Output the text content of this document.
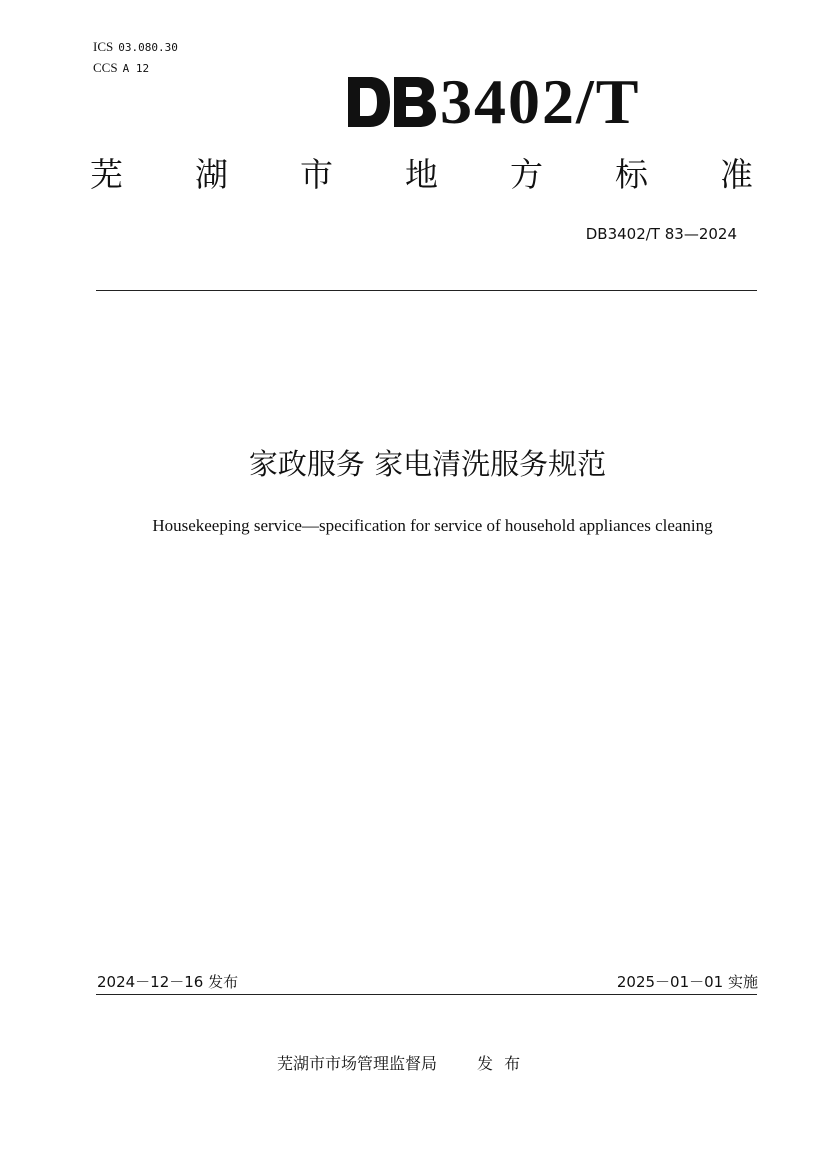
ICS 03.080.30
CCS A 12	3402/T
芜 湖 市 地 方 标 准
DB3402/T 83—2024
家政服务 家电清洗服务规范
Housekeeping service—specification for service of household appliances cleaning
2024－12－16 发布	2025－01－01 实施
芜湖市市场管理监督局	发 布
